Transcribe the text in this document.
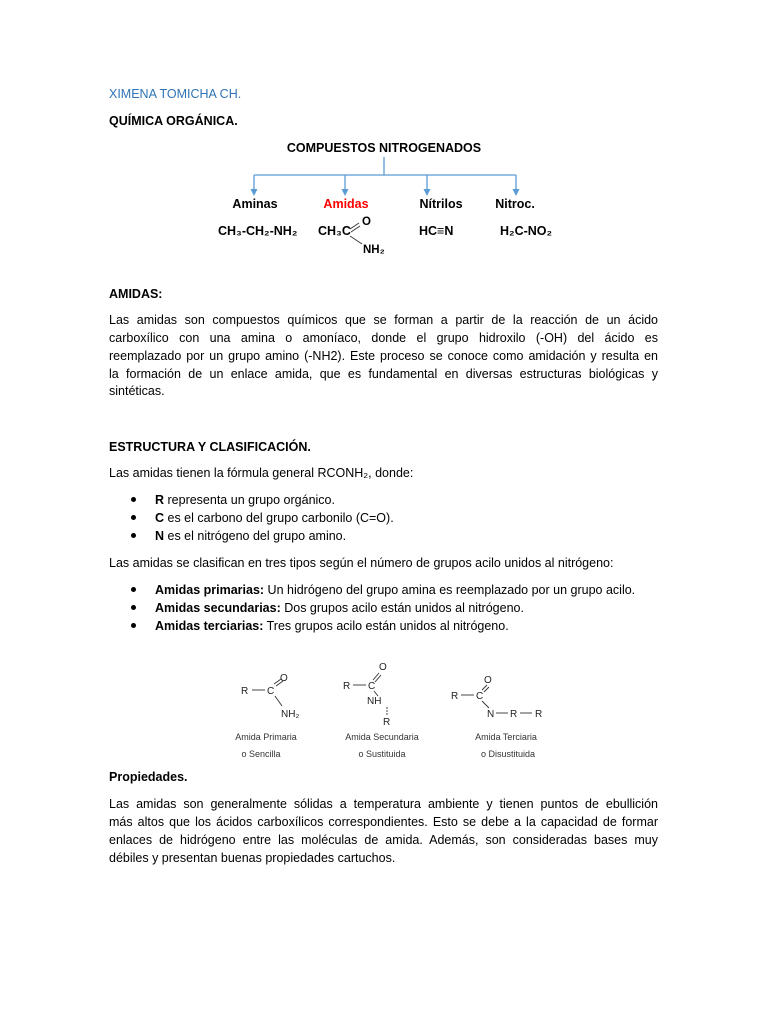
R C
O
NH₂
Amida Primaria
o Sencilla
O
R C
NH
R
Amida Secundaria
o Sustituida
O
R C
N R R
Amida Terciaria
o Disustituida
XIMENA TOMICHA CH.
QUÍMICA ORGÁNICA.
COMPUESTOS NITROGENADOS
Aminas	Amidas	Nítrilos	Nitroc.
CH₃-CH₂-NH₂ CH₃C
O
NH₂
HC≡N	H₂C-NO₂
AMIDAS:
Las amidas son compuestos químicos que se forman a partir de la reacción de un ácido
carboxílico con una amina o amoníaco, donde el grupo hidroxilo (-OH) del ácido es
reemplazado por un grupo amino (-NH2). Este proceso se conoce como amidación y resulta en
la formación de un enlace amida, que es fundamental en diversas estructuras biológicas y
sintéticas.
ESTRUCTURA Y CLASIFICACIÓN.
Las amidas tienen la fórmula general RCONH₂, donde:
R representa un grupo orgánico.
C es el carbono del grupo carbonilo (C=O).
N es el nitrógeno del grupo amino.
Las amidas se clasifican en tres tipos según el número de grupos acilo unidos al nitrógeno:
Amidas primarias: Un hidrógeno del grupo amina es reemplazado por un grupo acilo.
Amidas secundarias: Dos grupos acilo están unidos al nitrógeno.
Amidas terciarias: Tres grupos acilo están unidos al nitrógeno.
Propiedades.
Las amidas son generalmente sólidas a temperatura ambiente y tienen puntos de ebullición
más altos que los ácidos carboxílicos correspondientes. Esto se debe a la capacidad de formar
enlaces de hidrógeno entre las moléculas de amida. Además, son consideradas bases muy
débiles y presentan buenas propiedades cartuchos.
